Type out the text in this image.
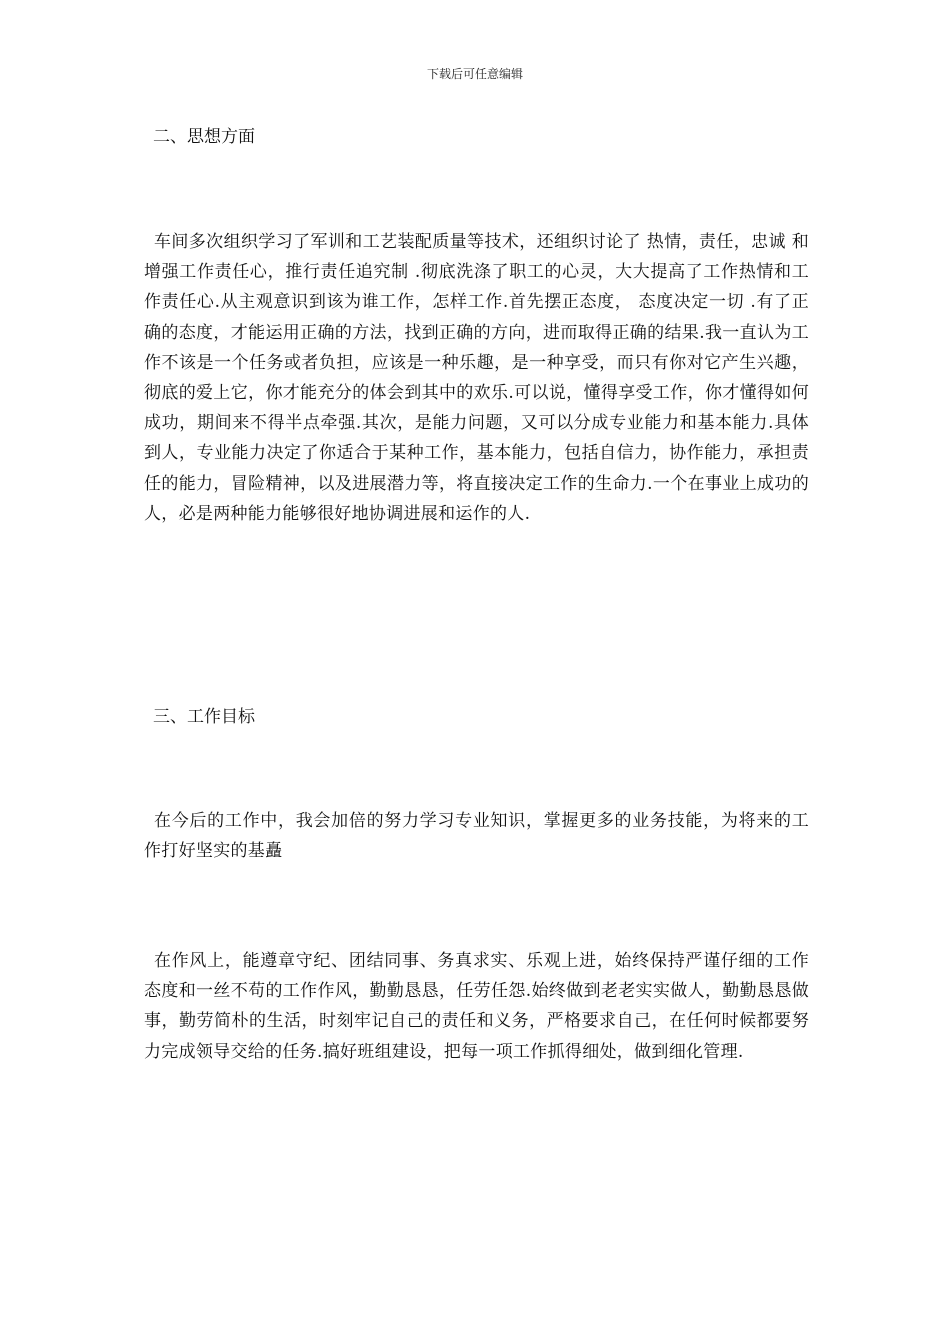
下载后可任意编辑
二、思想方面

车间多次组织学习了军训和工艺装配质量等技术，还组织讨论了 热情，责任，忠诚 和 增强工作责任心，推行责任追究制 .彻底洗涤了职工的心灵，大大提高了工作热情和工作责任心.从主观意识到该为谁工作，怎样工作.首先摆正态度， 态度决定一切 .有了正确的态度，才能运用正确的方法，找到正确的方向，进而取得正确的结果.我一直认为工作不该是一个任务或者负担，应该是一种乐趣，是一种享受，而只有你对它产生兴趣，彻底的爱上它，你才能充分的体会到其中的欢乐.可以说，懂得享受工作，你才懂得如何成功，期间来不得半点牵强.其次，是能力问题，又可以分成专业能力和基本能力.具体到人，专业能力决定了你适合于某种工作，基本能力，包括自信力，协作能力，承担责任的能力，冒险精神，以及进展潜力等，将直接决定工作的生命力.一个在事业上成功的人，必是两种能力能够很好地协调进展和运作的人.

三、工作目标

在今后的工作中，我会加倍的努力学习专业知识，掌握更多的业务技能，为将来的工作打好坚实的基矗

在作风上，能遵章守纪、团结同事、务真求实、乐观上进，始终保持严谨仔细的工作态度和一丝不苟的工作作风，勤勤恳恳，任劳任怨.始终做到老老实实做人，勤勤恳恳做事，勤劳简朴的生活，时刻牢记自己的责任和义务，严格要求自己，在任何时候都要努力完成领导交给的任务.搞好班组建设，把每一项工作抓得细处，做到细化管理.
